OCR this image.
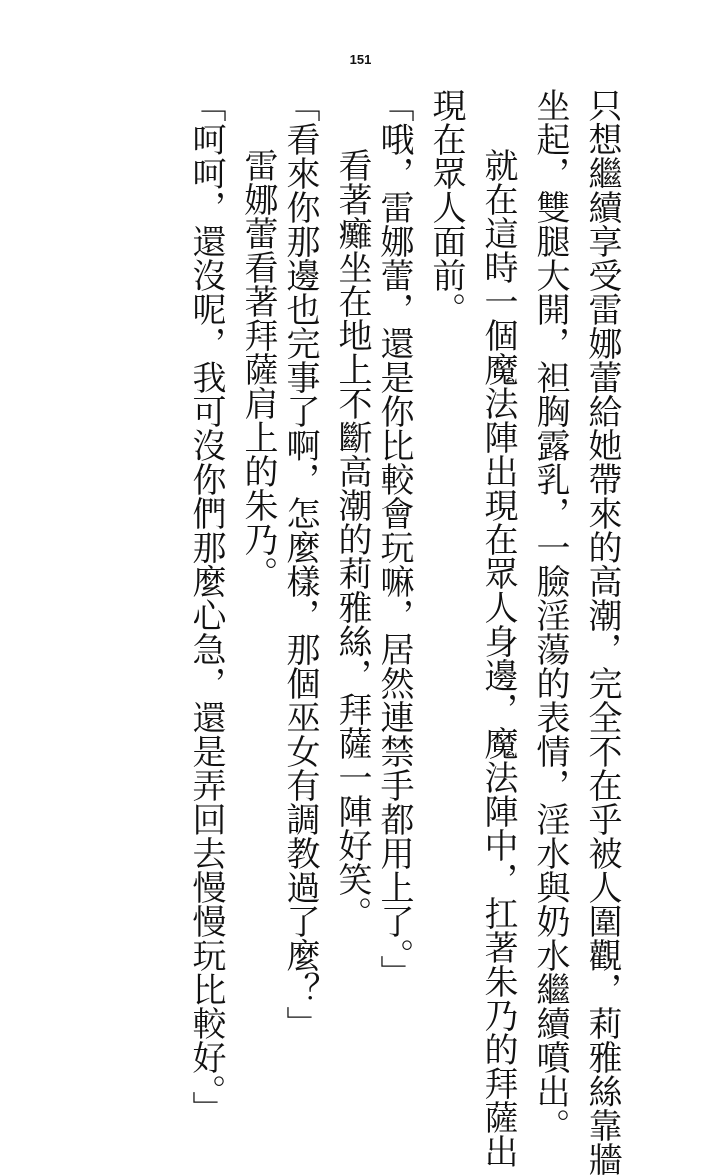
151
只想繼續享受雷娜蕾給她帶來的高潮，完全不在乎被人圍觀，莉雅絲靠牆
坐起，雙腿大開，袒胸露乳，一臉淫蕩的表情，淫水與奶水繼續噴出。
就在這時一個魔法陣出現在眾人身邊，魔法陣中，扛著朱乃的拜薩出
現在眾人面前。
「哦，雷娜蕾，還是你比較會玩嘛，居然連禁手都用上了。」
看著癱坐在地上不斷高潮的莉雅絲，拜薩一陣好笑。
「看來你那邊也完事了啊，怎麼樣，那個巫女有調教過了麼？」
雷娜蕾看著拜薩肩上的朱乃。
「呵呵，還沒呢，我可沒你們那麼心急，還是弄回去慢慢玩比較好。」
